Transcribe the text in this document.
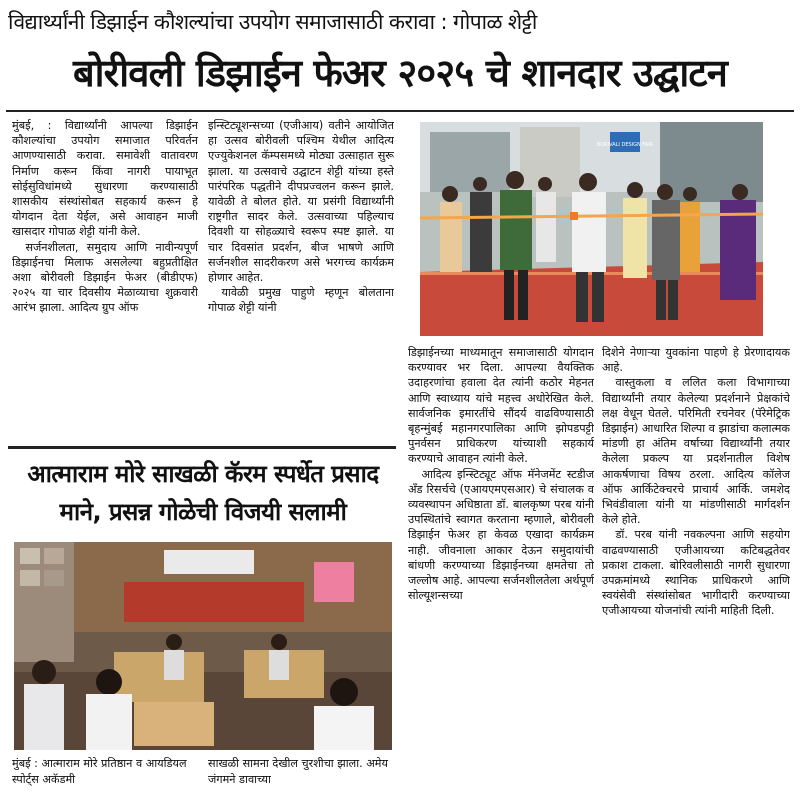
विद्यार्थ्यांनी डिझाईन कौशल्यांचा उपयोग समाजासाठी करावा : गोपाळ शेट्टी
बोरीवली डिझाईन फेअर २०२५ चे शानदार उद्घाटन

मुंबई, : विद्यार्थ्यांनी आपल्या डिझाईन कौशल्यांचा उपयोग समाजात परिवर्तन आणण्यासाठी करावा. समावेशी वातावरण निर्माण करून किंवा नागरी पायाभूत सोईसुविधांमध्ये सुधारणा करण्यासाठी शासकीय संस्थांसोबत सहकार्य करून हे योगदान देता येईल, असे आवाहन माजी खासदार गोपाळ शेट्टी यांनी केले.

सर्जनशीलता, समुदाय आणि नावीन्यपूर्ण डिझाईनचा मिलाफ असलेल्या बहुप्रतीक्षित अशा बोरीवली डिझाईन फेअर (बीडीएफ) २०२५ या चार दिवसीय मेळाव्याचा शुक्रवारी आरंभ झाला. आदित्य ग्रुप ऑफ

इन्स्टिट्यूशन्सच्या (एजीआय) वतीने आयोजित हा उत्सव बोरीवली पश्चिम येथील आदित्य एज्युकेशनल कॅम्पसमध्ये मोठ्या उत्साहात सुरू झाला. या उत्सवाचे उद्घाटन शेट्टी यांच्या हस्ते पारंपरिक पद्धतीने दीपप्रज्वलन करून झाले. यावेळी ते बोलत होते. या प्रसंगी विद्यार्थ्यांनी राष्ट्रगीत सादर केले. उत्सवाच्या पहिल्याच दिवशी या सोहळ्याचे स्वरूप स्पष्ट झाले. या चार दिवसांत प्रदर्शन, बीज भाषणे आणि सर्जनशील सादरीकरण असे भरगच्च कार्यक्रम होणार आहेत.

यावेळी प्रमुख पाहुणे म्हणून बोलताना गोपाळ शेट्टी यांनी

BORIVALI DESIGN FAIR

डिझाईनच्या माध्यमातून समाजासाठी योगदान करण्यावर भर दिला. आपल्या वैयक्तिक उदाहरणांचा हवाला देत त्यांनी कठोर मेहनत आणि स्वाध्याय यांचे महत्त्व अधोरेखित केले. सार्वजनिक इमारतींचे सौंदर्य वाढविण्यासाठी बृहन्मुंबई महानगरपालिका आणि झोपडपट्टी पुनर्वसन प्राधिकरण यांच्याशी सहकार्य करण्याचे आवाहन त्यांनी केले.

आदित्य इन्स्टिट्यूट ऑफ मॅनेजमेंट स्टडीज अँड रिसर्चचे (एआयएमएसआर) चे संचालक व व्यवस्थापन अधिष्ठाता डॉ. बालकृष्ण परब यांनी उपस्थितांचे स्वागत करताना म्हणाले, बोरीवली डिझाईन फेअर हा केवळ एखादा कार्यक्रम नाही. जीवनाला आकार देऊन समुदायांची बांधणी करण्याच्या डिझाईनच्या क्षमतेचा तो जल्लोष आहे. आपल्या सर्जनशीलतेला अर्थपूर्ण सोल्यूशन्सच्या

दिशेने नेणाऱ्या युवकांना पाहणे हे प्रेरणादायक आहे.

वास्तुकला व ललित कला विभागाच्या विद्यार्थ्यांनी तयार केलेल्या प्रदर्शनाने प्रेक्षकांचे लक्ष वेधून घेतले. परिमिती रचनेवर (पॅरेमेट्रिक डिझाईन) आधारित शिल्पा व झाडांचा कलात्मक मांडणी हा अंतिम वर्षाच्या विद्यार्थ्यांनी तयार केलेला प्रकल्प या प्रदर्शनातील विशेष आकर्षणाचा विषय ठरला. आदित्य कॉलेज ऑफ आर्किटेक्चरचे प्राचार्य आर्कि. जमशेद भिवंडीवाला यांनी या मांडणीसाठी मार्गदर्शन केले होते.

डॉ. परब यांनी नवकल्पना आणि सहयोग वाढवण्यासाठी एजीआयच्या कटिबद्धतेवर प्रकाश टाकला. बोरिवलीसाठी नागरी सुधारणा उपक्रमांमध्ये स्थानिक प्राधिकरणे आणि स्वयंसेवी संस्थांसोबत भागीदारी करण्याच्या एजीआयच्या योजनांची त्यांनी माहिती दिली.

आत्माराम मोरे साखळी कॅरम स्पर्धेत प्रसाद
माने, प्रसन्न गोळेची विजयी सलामी

मुंबई : आत्माराम मोरे प्रतिष्ठान व आयडियल स्पोर्ट्स अकॅडमी

साखळी सामना देखील चुरशीचा झाला. अमेय जंगमने डावाच्या
